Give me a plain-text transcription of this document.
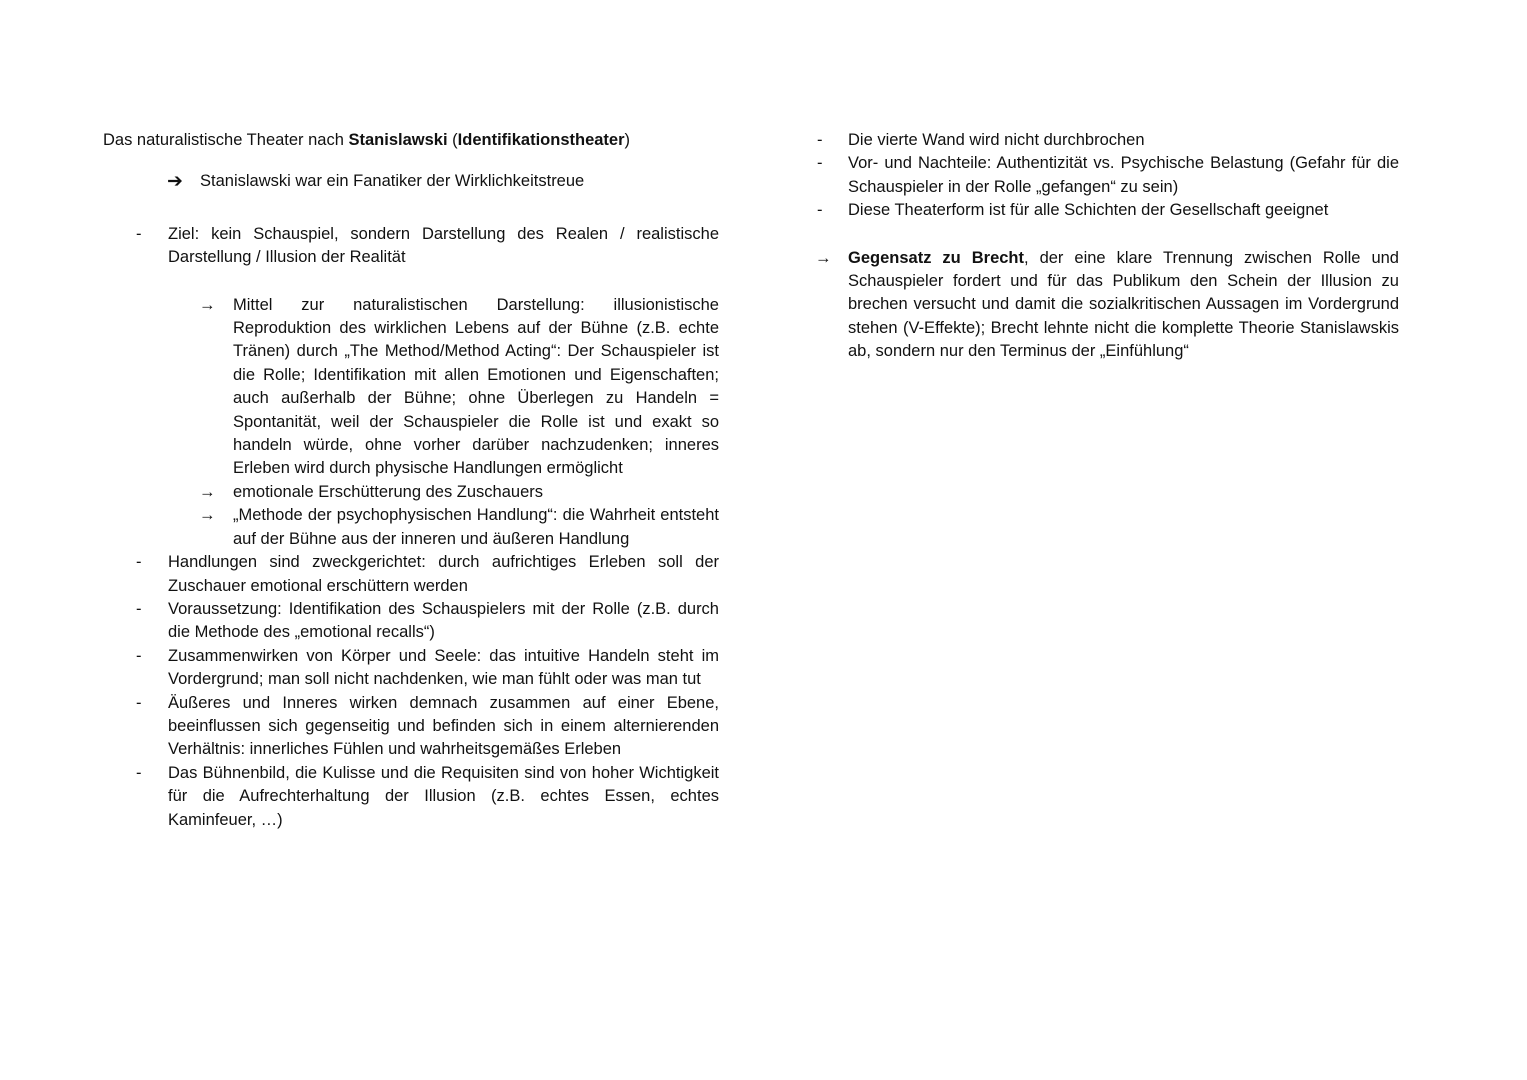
Das naturalistische Theater nach Stanislawski (Identifikationstheater)
➔ Stanislawski war ein Fanatiker der Wirklichkeitstreue
- Ziel: kein Schauspiel, sondern Darstellung des Realen / realistische Darstellung / Illusion der Realität
→ Mittel zur naturalistischen Darstellung: illusionistische Reproduktion des wirklichen Lebens auf der Bühne (z.B. echte Tränen) durch „The Method/Method Acting“: Der Schauspieler ist die Rolle; Identifikation mit allen Emotionen und Eigenschaften; auch außerhalb der Bühne; ohne Überlegen zu Handeln = Spontanität, weil der Schauspieler die Rolle ist und exakt so handeln würde, ohne vorher darüber nachzudenken; inneres Erleben wird durch physische Handlungen ermöglicht
→ emotionale Erschütterung des Zuschauers
→ „Methode der psychophysischen Handlung“: die Wahrheit entsteht auf der Bühne aus der inneren und äußeren Handlung
- Handlungen sind zweckgerichtet: durch aufrichtiges Erleben soll der Zuschauer emotional erschüttern werden
- Voraussetzung: Identifikation des Schauspielers mit der Rolle (z.B. durch die Methode des „emotional recalls“)
- Zusammenwirken von Körper und Seele: das intuitive Handeln steht im Vordergrund; man soll nicht nachdenken, wie man fühlt oder was man tut
- Äußeres und Inneres wirken demnach zusammen auf einer Ebene, beeinflussen sich gegenseitig und befinden sich in einem alternierenden Verhältnis: innerliches Fühlen und wahrheitsgemäßes Erleben
- Das Bühnenbild, die Kulisse und die Requisiten sind von hoher Wichtigkeit für die Aufrechterhaltung der Illusion (z.B. echtes Essen, echtes Kaminfeuer, …)
- Die vierte Wand wird nicht durchbrochen
- Vor- und Nachteile: Authentizität vs. Psychische Belastung (Gefahr für die Schauspieler in der Rolle „gefangen“ zu sein)
- Diese Theaterform ist für alle Schichten der Gesellschaft geeignet
→ Gegensatz zu Brecht, der eine klare Trennung zwischen Rolle und Schauspieler fordert und für das Publikum den Schein der Illusion zu brechen versucht und damit die sozialkritischen Aussagen im Vordergrund stehen (V-Effekte); Brecht lehnte nicht die komplette Theorie Stanislawskis ab, sondern nur den Terminus der „Einfühlung“
